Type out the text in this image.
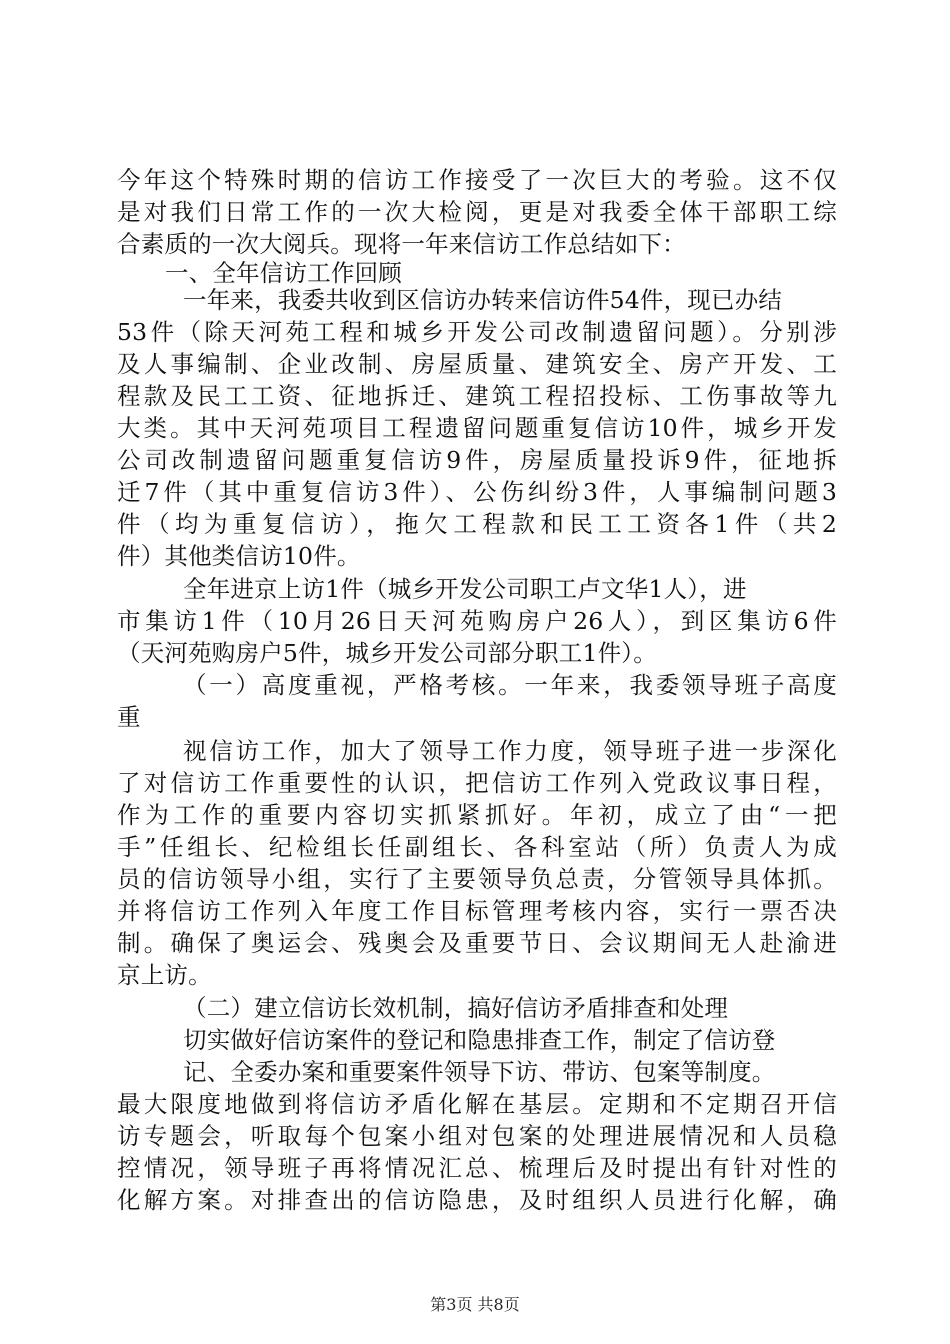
今年这个特殊时期的信访工作接受了一次巨大的考验。这不仅
是对我们日常工作的一次大检阅，更是对我委全体干部职工综
合素质的一次大阅兵。现将一年来信访工作总结如下：
一、全年信访工作回顾
一年来，我委共收到区信访办转来信访件54件，现已办结
53件（除天河苑工程和城乡开发公司改制遗留问题）。分别涉
及人事编制、企业改制、房屋质量、建筑安全、房产开发、工
程款及民工工资、征地拆迁、建筑工程招投标、工伤事故等九
大类。其中天河苑项目工程遗留问题重复信访10件，城乡开发
公司改制遗留问题重复信访9件，房屋质量投诉9件，征地拆
迁7件（其中重复信访3件）、公伤纠纷3件，人事编制问题3
件（均为重复信访），拖欠工程款和民工工资各1件（共2
件）其他类信访10件。
全年进京上访1件（城乡开发公司职工卢文华1人），进
市集访1件（10月26日天河苑购房户26人），到区集访6件
（天河苑购房户5件，城乡开发公司部分职工1件）。
（一）高度重视，严格考核。一年来，我委领导班子高度
重
视信访工作，加大了领导工作力度，领导班子进一步深化
了对信访工作重要性的认识，把信访工作列入党政议事日程，
作为工作的重要内容切实抓紧抓好。年初，成立了由“一把
手”任组长、纪检组长任副组长、各科室站（所）负责人为成
员的信访领导小组，实行了主要领导负总责，分管领导具体抓。
并将信访工作列入年度工作目标管理考核内容，实行一票否决
制。确保了奥运会、残奥会及重要节日、会议期间无人赴渝进
京上访。
（二）建立信访长效机制，搞好信访矛盾排查和处理
切实做好信访案件的登记和隐患排查工作，制定了信访登
记、全委办案和重要案件领导下访、带访、包案等制度。
最大限度地做到将信访矛盾化解在基层。定期和不定期召开信
访专题会，听取每个包案小组对包案的处理进展情况和人员稳
第3页 共8页
控情况，领导班子再将情况汇总、梳理后及时提出有针对性的
化解方案。对排查出的信访隐患，及时组织人员进行化解，确
